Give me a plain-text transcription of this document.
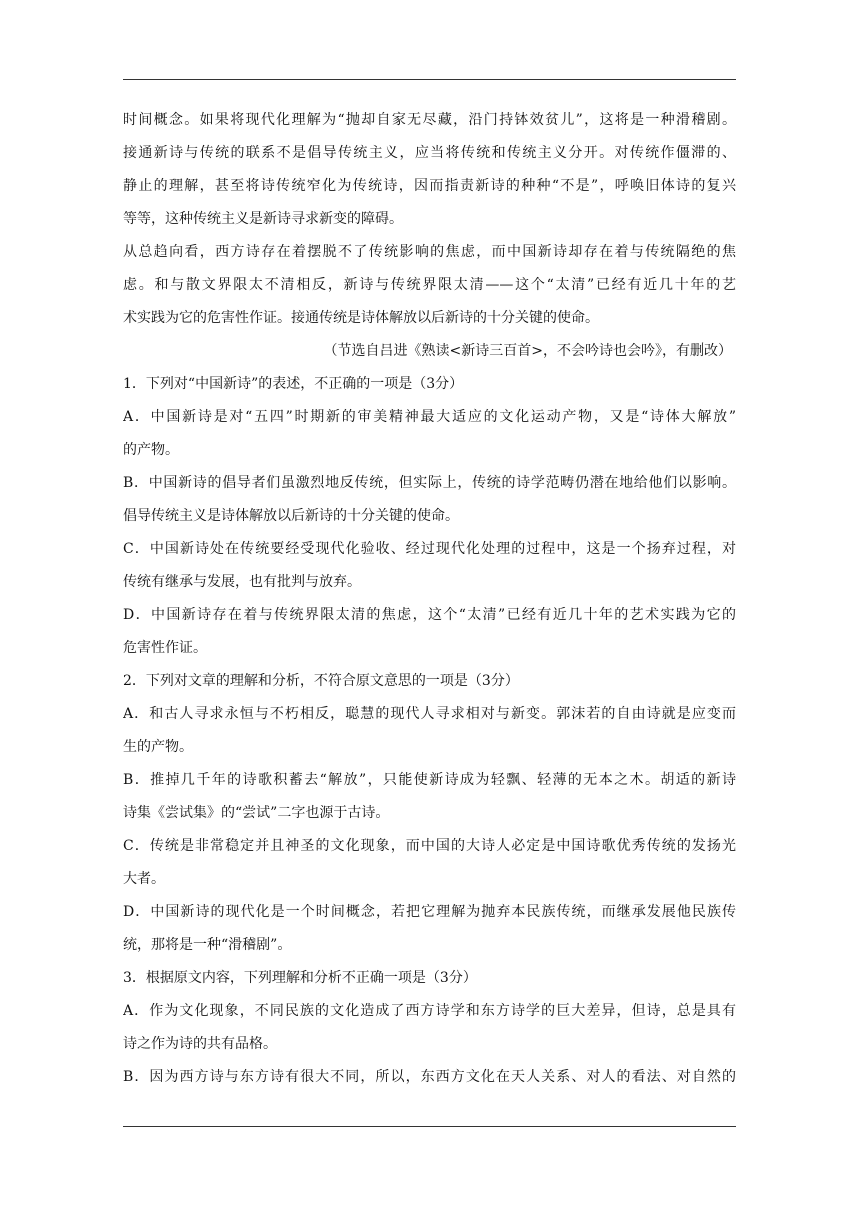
时间概念。如果将现代化理解为“抛却自家无尽藏，沿门持钵效贫儿”，这将是一种滑稽剧。
接通新诗与传统的联系不是倡导传统主义，应当将传统和传统主义分开。对传统作僵滞的、
静止的理解，甚至将诗传统窄化为传统诗，因而指责新诗的种种“不是”，呼唤旧体诗的复兴
等等，这种传统主义是新诗寻求新变的障碍。
从总趋向看，西方诗存在着摆脱不了传统影响的焦虑，而中国新诗却存在着与传统隔绝的焦
虑。和与散文界限太不清相反，新诗与传统界限太清——这个“太清”已经有近几十年的艺
术实践为它的危害性作证。接通传统是诗体解放以后新诗的十分关键的使命。
（节选自吕进《熟读<新诗三百首>，不会吟诗也会吟》，有删改）
1．下列对“中国新诗”的表述，不正确的一项是（3分）
A．中国新诗是对“五四”时期新的审美精神最大适应的文化运动产物，又是“诗体大解放”
的产物。
B．中国新诗的倡导者们虽激烈地反传统，但实际上，传统的诗学范畴仍潜在地给他们以影响。
倡导传统主义是诗体解放以后新诗的十分关键的使命。
C．中国新诗处在传统要经受现代化验收、经过现代化处理的过程中，这是一个扬弃过程，对
传统有继承与发展，也有批判与放弃。
D．中国新诗存在着与传统界限太清的焦虑，这个“太清”已经有近几十年的艺术实践为它的
危害性作证。
2．下列对文章的理解和分析，不符合原文意思的一项是（3分）
A．和古人寻求永恒与不朽相反，聪慧的现代人寻求相对与新变。郭沫若的自由诗就是应变而
生的产物。
B．推掉几千年的诗歌积蓄去“解放”，只能使新诗成为轻飘、轻薄的无本之木。胡适的新诗
诗集《尝试集》的“尝试”二字也源于古诗。
C．传统是非常稳定并且神圣的文化现象，而中国的大诗人必定是中国诗歌优秀传统的发扬光
大者。
D．中国新诗的现代化是一个时间概念，若把它理解为抛弃本民族传统，而继承发展他民族传
统，那将是一种“滑稽剧”。
3．根据原文内容，下列理解和分析不正确一项是（3分）
A．作为文化现象，不同民族的文化造成了西方诗学和东方诗学的巨大差异，但诗，总是具有
诗之作为诗的共有品格。
B．因为西方诗与东方诗有很大不同，所以，东西方文化在天人关系、对人的看法、对自然的
